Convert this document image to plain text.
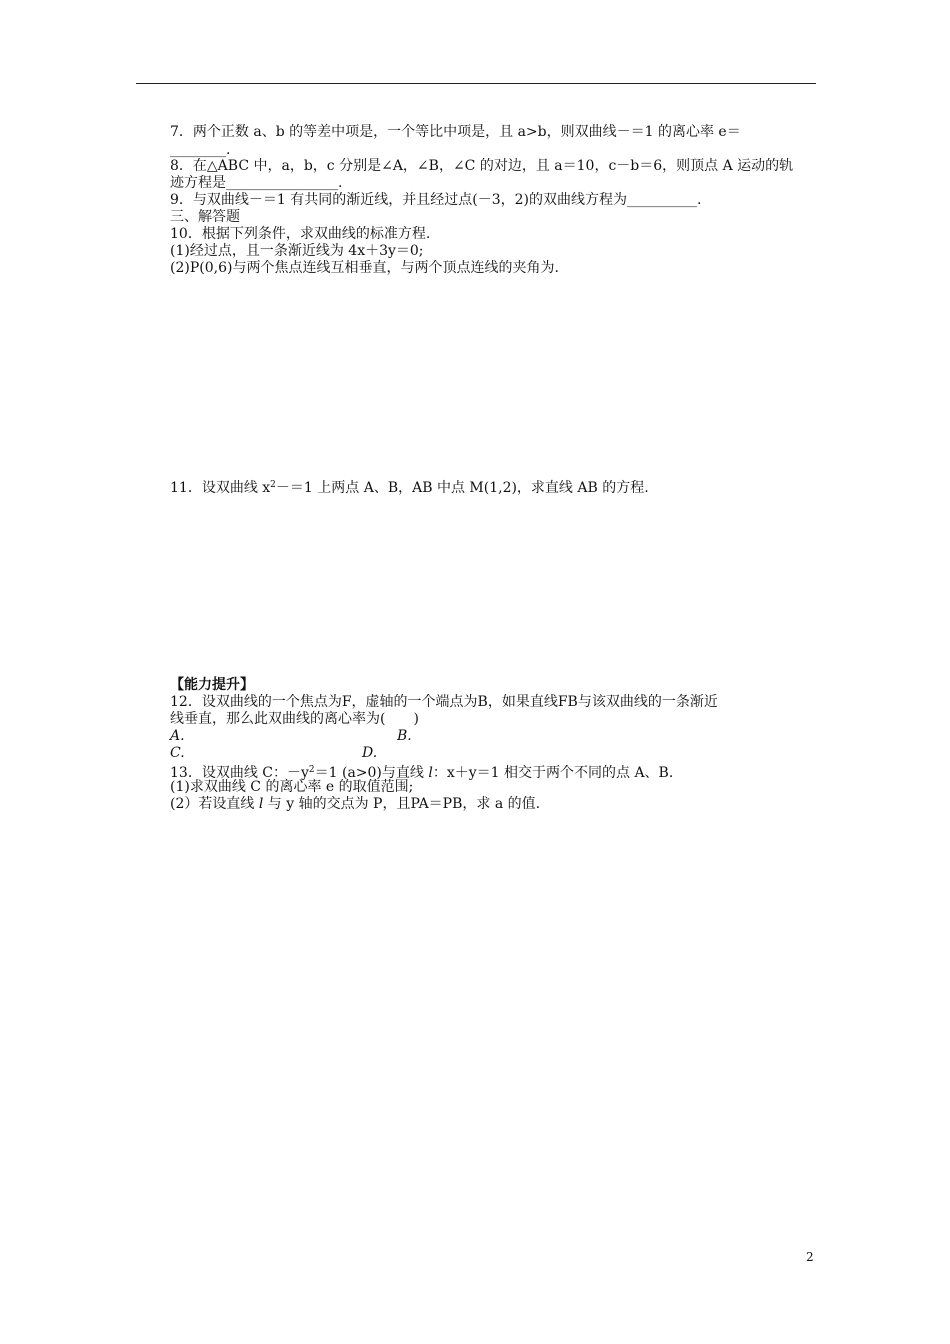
7．两个正数 a、b 的等差中项是，一个等比中项是，且 a>b，则双曲线－＝1 的离心率 e＝
________.
8．在△ABC 中，a，b，c 分别是∠A，∠B，∠C 的对边，且 a＝10，c－b＝6，则顶点 A 运动的轨
迹方程是________________.
9．与双曲线－＝1 有共同的渐近线，并且经过点(－3，2)的双曲线方程为__________.
三、解答题
10．根据下列条件，求双曲线的标准方程.
(1)经过点，且一条渐近线为 4x＋3y＝0;
(2)P(0,6)与两个焦点连线互相垂直，与两个顶点连线的夹角为.
11．设双曲线 $x^2-=1$ 上两点 A、B，AB 中点 M(1,2)，求直线 AB 的方程.
【能力提升】
12．设双曲线的一个焦点为F，虚轴的一个端点为B，如果直线FB与该双曲线的一条渐近
线垂直，那么此双曲线的离心率为(　　)
A.	B.
C.	D.
13．设双曲线 C：$-y^2=1$ (a>0)与直线 l：x＋y＝1 相交于两个不同的点 A、B.
(1)求双曲线 C 的离心率 e 的取值范围;
(2）若设直线 l 与 y 轴的交点为 P，且PA＝PB，求 a 的值.
2
